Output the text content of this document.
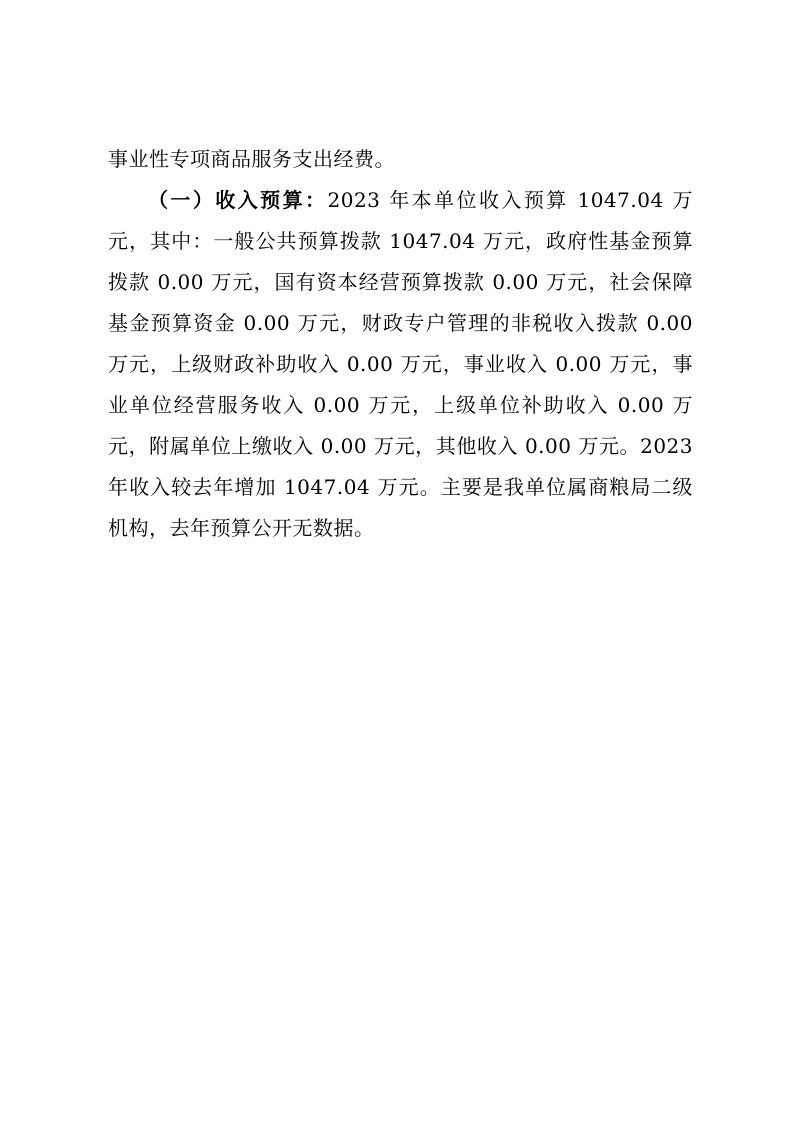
事业性专项商品服务支出经费。

（一）收入预算：2023 年本单位收入预算 1047.04 万元，其中：一般公共预算拨款 1047.04 万元，政府性基金预算拨款 0.00 万元，国有资本经营预算拨款 0.00 万元，社会保障基金预算资金 0.00 万元，财政专户管理的非税收入拨款 0.00 万元，上级财政补助收入 0.00 万元，事业收入 0.00 万元，事业单位经营服务收入 0.00 万元，上级单位补助收入 0.00 万元，附属单位上缴收入 0.00 万元，其他收入 0.00 万元。2023 年收入较去年增加 1047.04 万元。主要是我单位属商粮局二级机构，去年预算公开无数据。
